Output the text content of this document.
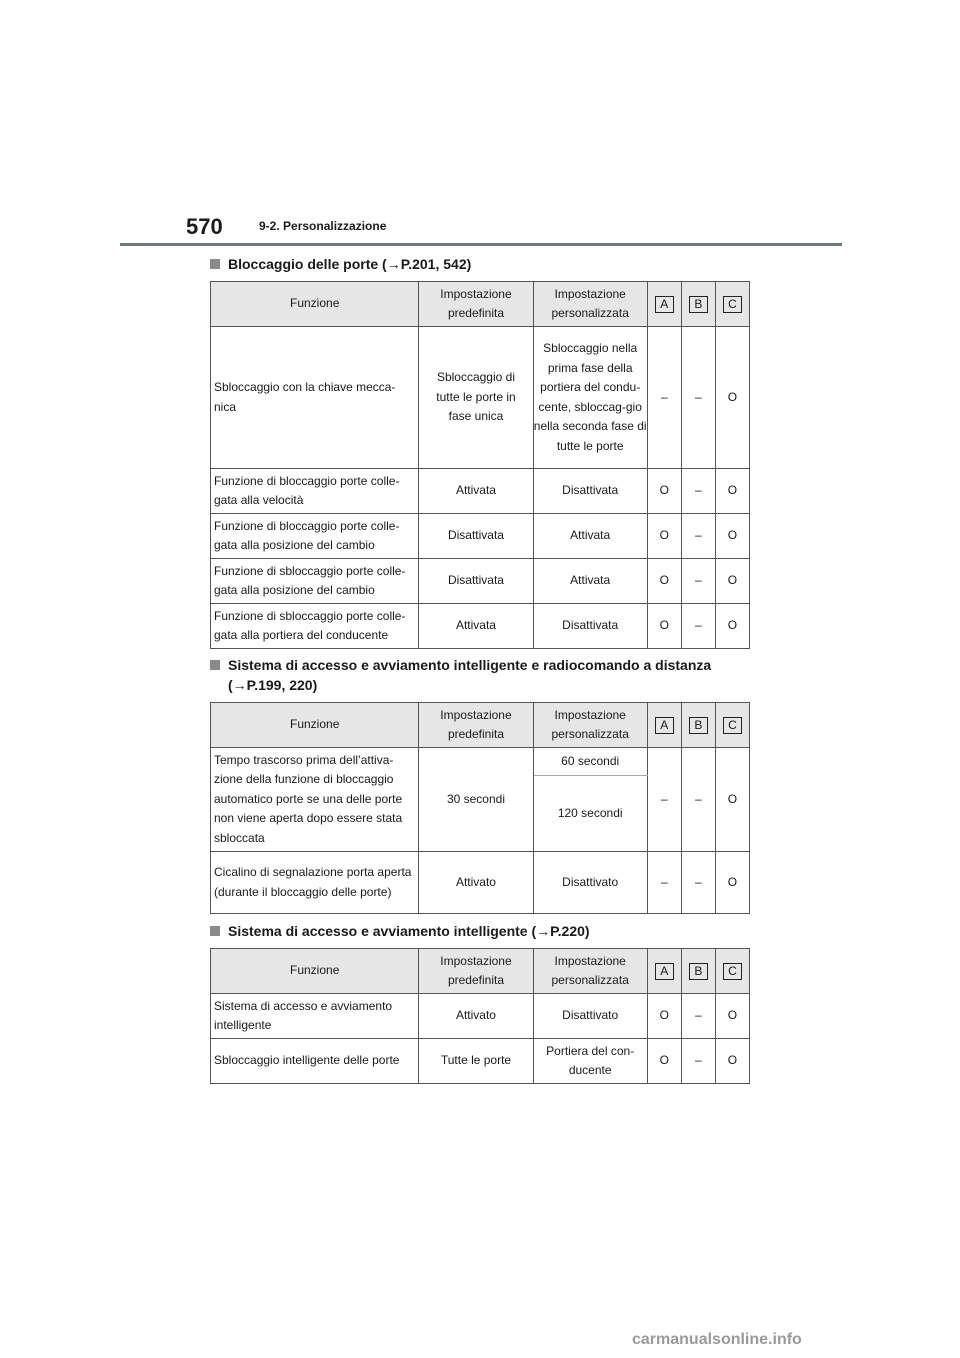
570	9-2. Personalizzazione
Bloccaggio delle porte (→P.201, 542)
Funzione	Impostazione predefinita	Impostazione personalizzata	A	B	C
Sbloccaggio con la chiave mecca-nica	Sbloccaggio di tutte le porte in fase unica	Sbloccaggio nella prima fase della portiera del condu-cente, sbloccag-gio nella seconda fase di tutte le porte	–	–	O
Funzione di bloccaggio porte colle-gata alla velocità	Attivata	Disattivata	O	–	O
Funzione di bloccaggio porte colle-gata alla posizione del cambio	Disattivata	Attivata	O	–	O
Funzione di sbloccaggio porte colle-gata alla posizione del cambio	Disattivata	Attivata	O	–	O
Funzione di sbloccaggio porte colle-gata alla portiera del conducente	Attivata	Disattivata	O	–	O
Sistema di accesso e avviamento intelligente e radiocomando a distanza (→P.199, 220)
Funzione	Impostazione predefinita	Impostazione personalizzata	A	B	C
Tempo trascorso prima dell’attiva-zione della funzione di bloccaggio automatico porte se una delle porte non viene aperta dopo essere stata sbloccata	30 secondi	60 secondi	–	–	O
		120 secondi			
Cicalino di segnalazione porta aperta (durante il bloccaggio delle porte)	Attivato	Disattivato	–	–	O
Sistema di accesso e avviamento intelligente (→P.220)
Funzione	Impostazione predefinita	Impostazione personalizzata	A	B	C
Sistema di accesso e avviamento intelligente	Attivato	Disattivato	O	–	O
Sbloccaggio intelligente delle porte	Tutte le porte	Portiera del con-ducente	O	–	O
carmanualsonline.info
